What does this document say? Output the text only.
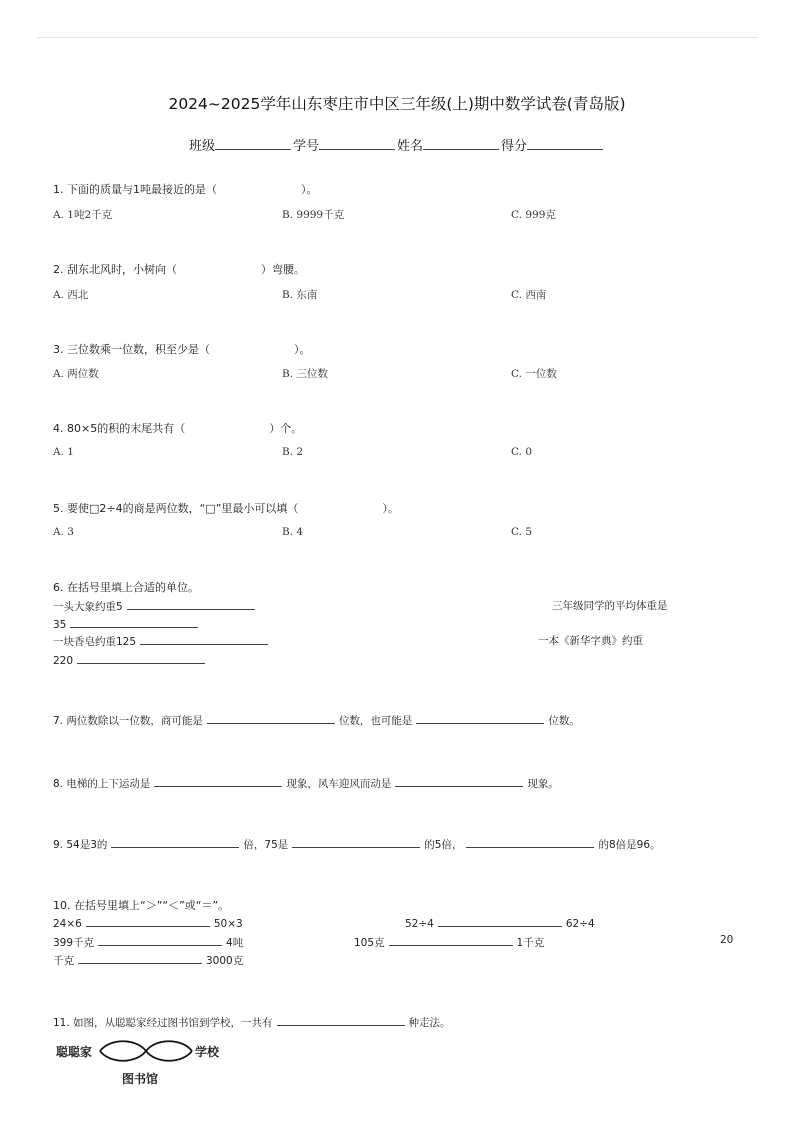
2024~2025学年山东枣庄市中区三年级(上)期中数学试卷(青岛版)
班级	学号	姓名	得分
1. 下面的质量与1吨最接近的是（	）。
A. 1吨2千克	B. 9999千克	C. 999克
2. 刮东北风时，小树向（	）弯腰。
A. 西北	B. 东南	C. 西南
3. 三位数乘一位数，积至少是（	）。
A. 两位数	B. 三位数	C. 一位数
4. 80×5的积的末尾共有（	）个。
A. 1	B. 2	C. 0
5. 要使□2÷4的商是两位数，“□”里最小可以填（	）。
A. 3	B. 4	C. 5
6. 在括号里填上合适的单位。
一头大象约重5	三年级同学的平均体重是
35
一块香皂约重125	一本《新华字典》约重
220
7. 两位数除以一位数，商可能是	位数，也可能是	位数。
8. 电梯的上下运动是	现象，风车迎风而动是	现象。
9. 54是3的	倍，75是	的5倍，	的8倍是96。
10. 在括号里填上“＞”“＜”或“＝”。
24×6	50×3	52÷4	62÷4
399千克	4吨	105克	1千克	20
千克	3000克
11. 如图，从聪聪家经过图书馆到学校，一共有	种走法。
聪聪家	学校
图书馆
